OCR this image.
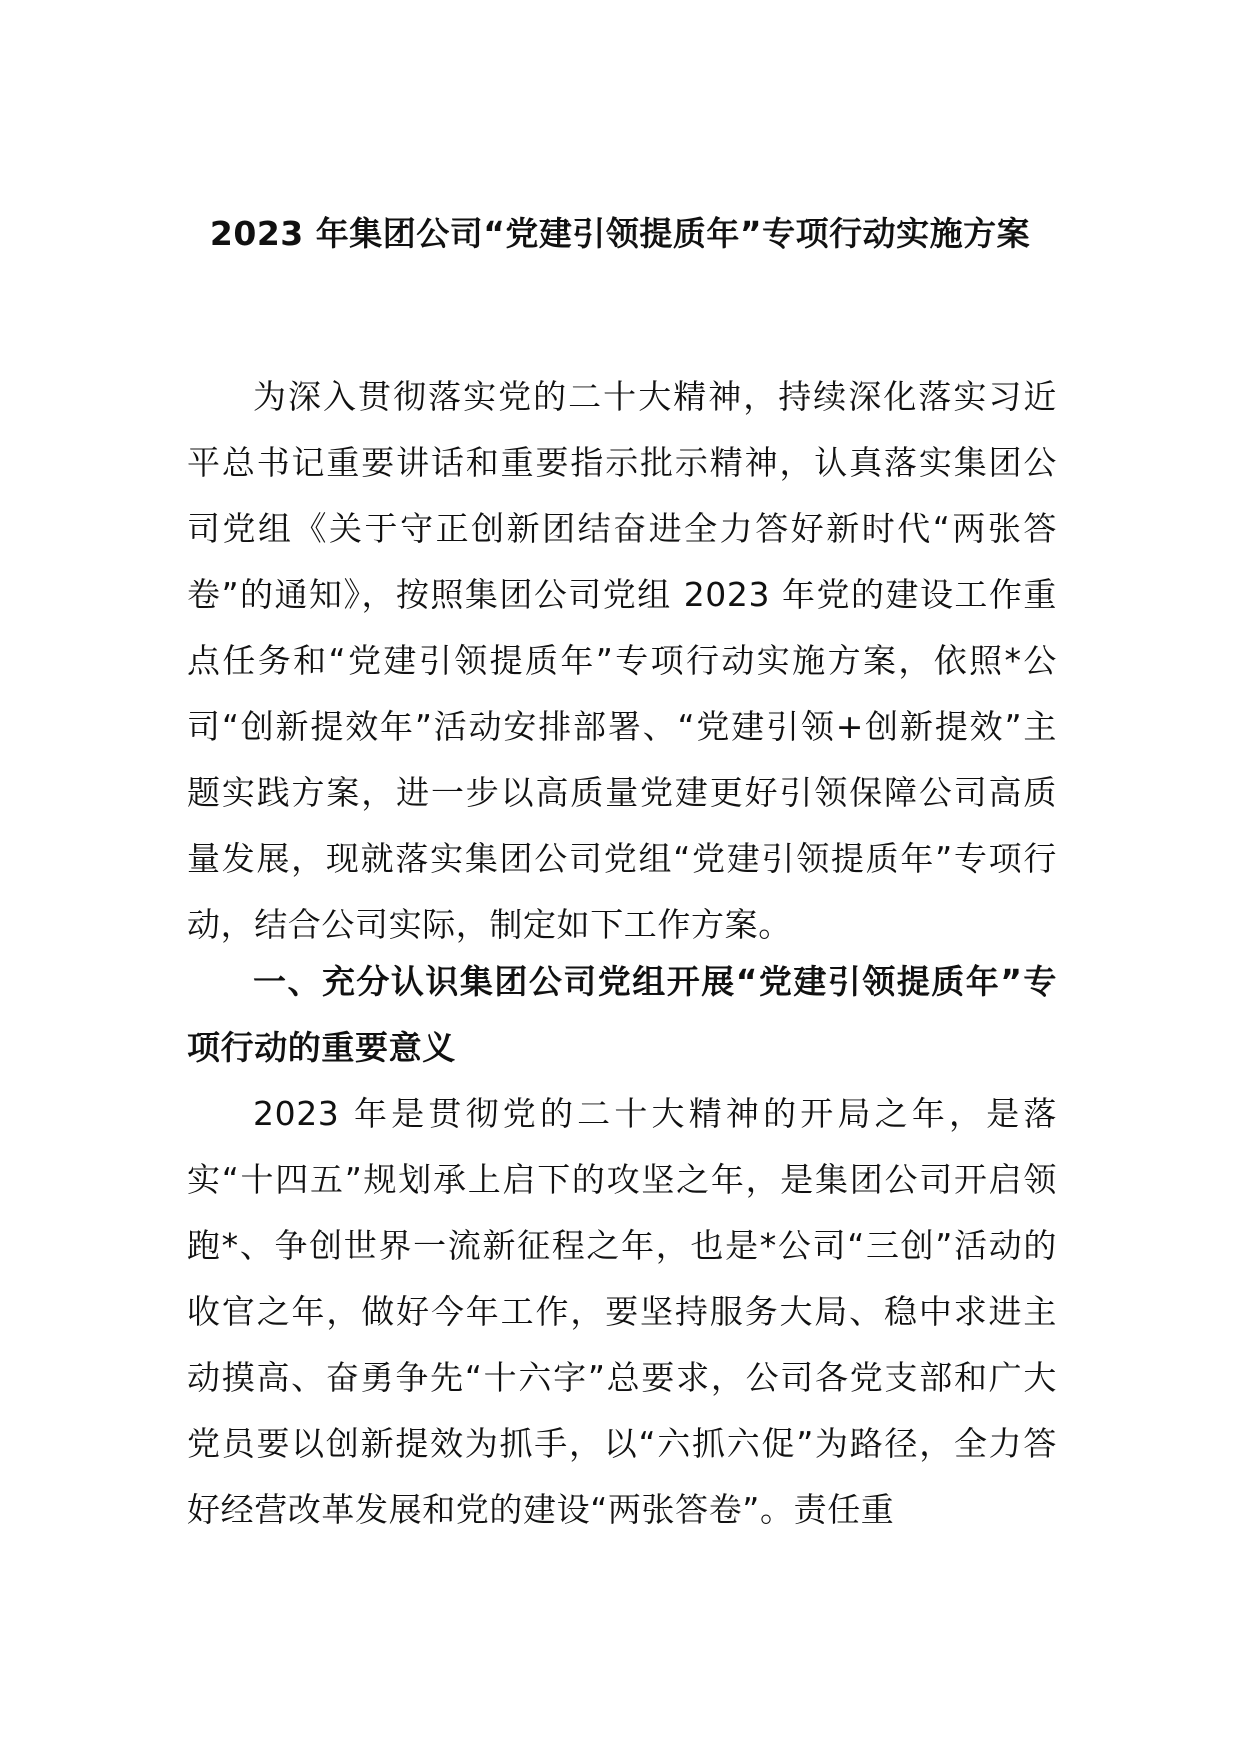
2023 年集团公司“党建引领提质年”专项行动实施方案

为深入贯彻落实党的二十大精神，持续深化落实习近平总书记重要讲话和重要指示批示精神，认真落实集团公司党组《关于守正创新团结奋进全力答好新时代“两张答卷”的通知》，按照集团公司党组 2023 年党的建设工作重点任务和“党建引领提质年”专项行动实施方案，依照*公司“创新提效年”活动安排部署、“党建引领+创新提效”主题实践方案，进一步以高质量党建更好引领保障公司高质量发展，现就落实集团公司党组“党建引领提质年”专项行动，结合公司实际，制定如下工作方案。

一、充分认识集团公司党组开展“党建引领提质年”专项行动的重要意义

2023 年是贯彻党的二十大精神的开局之年，是落实“十四五”规划承上启下的攻坚之年，是集团公司开启领跑*、争创世界一流新征程之年，也是*公司“三创”活动的收官之年，做好今年工作，要坚持服务大局、稳中求进主动摸高、奋勇争先“十六字”总要求，公司各党支部和广大党员要以创新提效为抓手，以“六抓六促”为路径，全力答好经营改革发展和党的建设“两张答卷”。责任重
